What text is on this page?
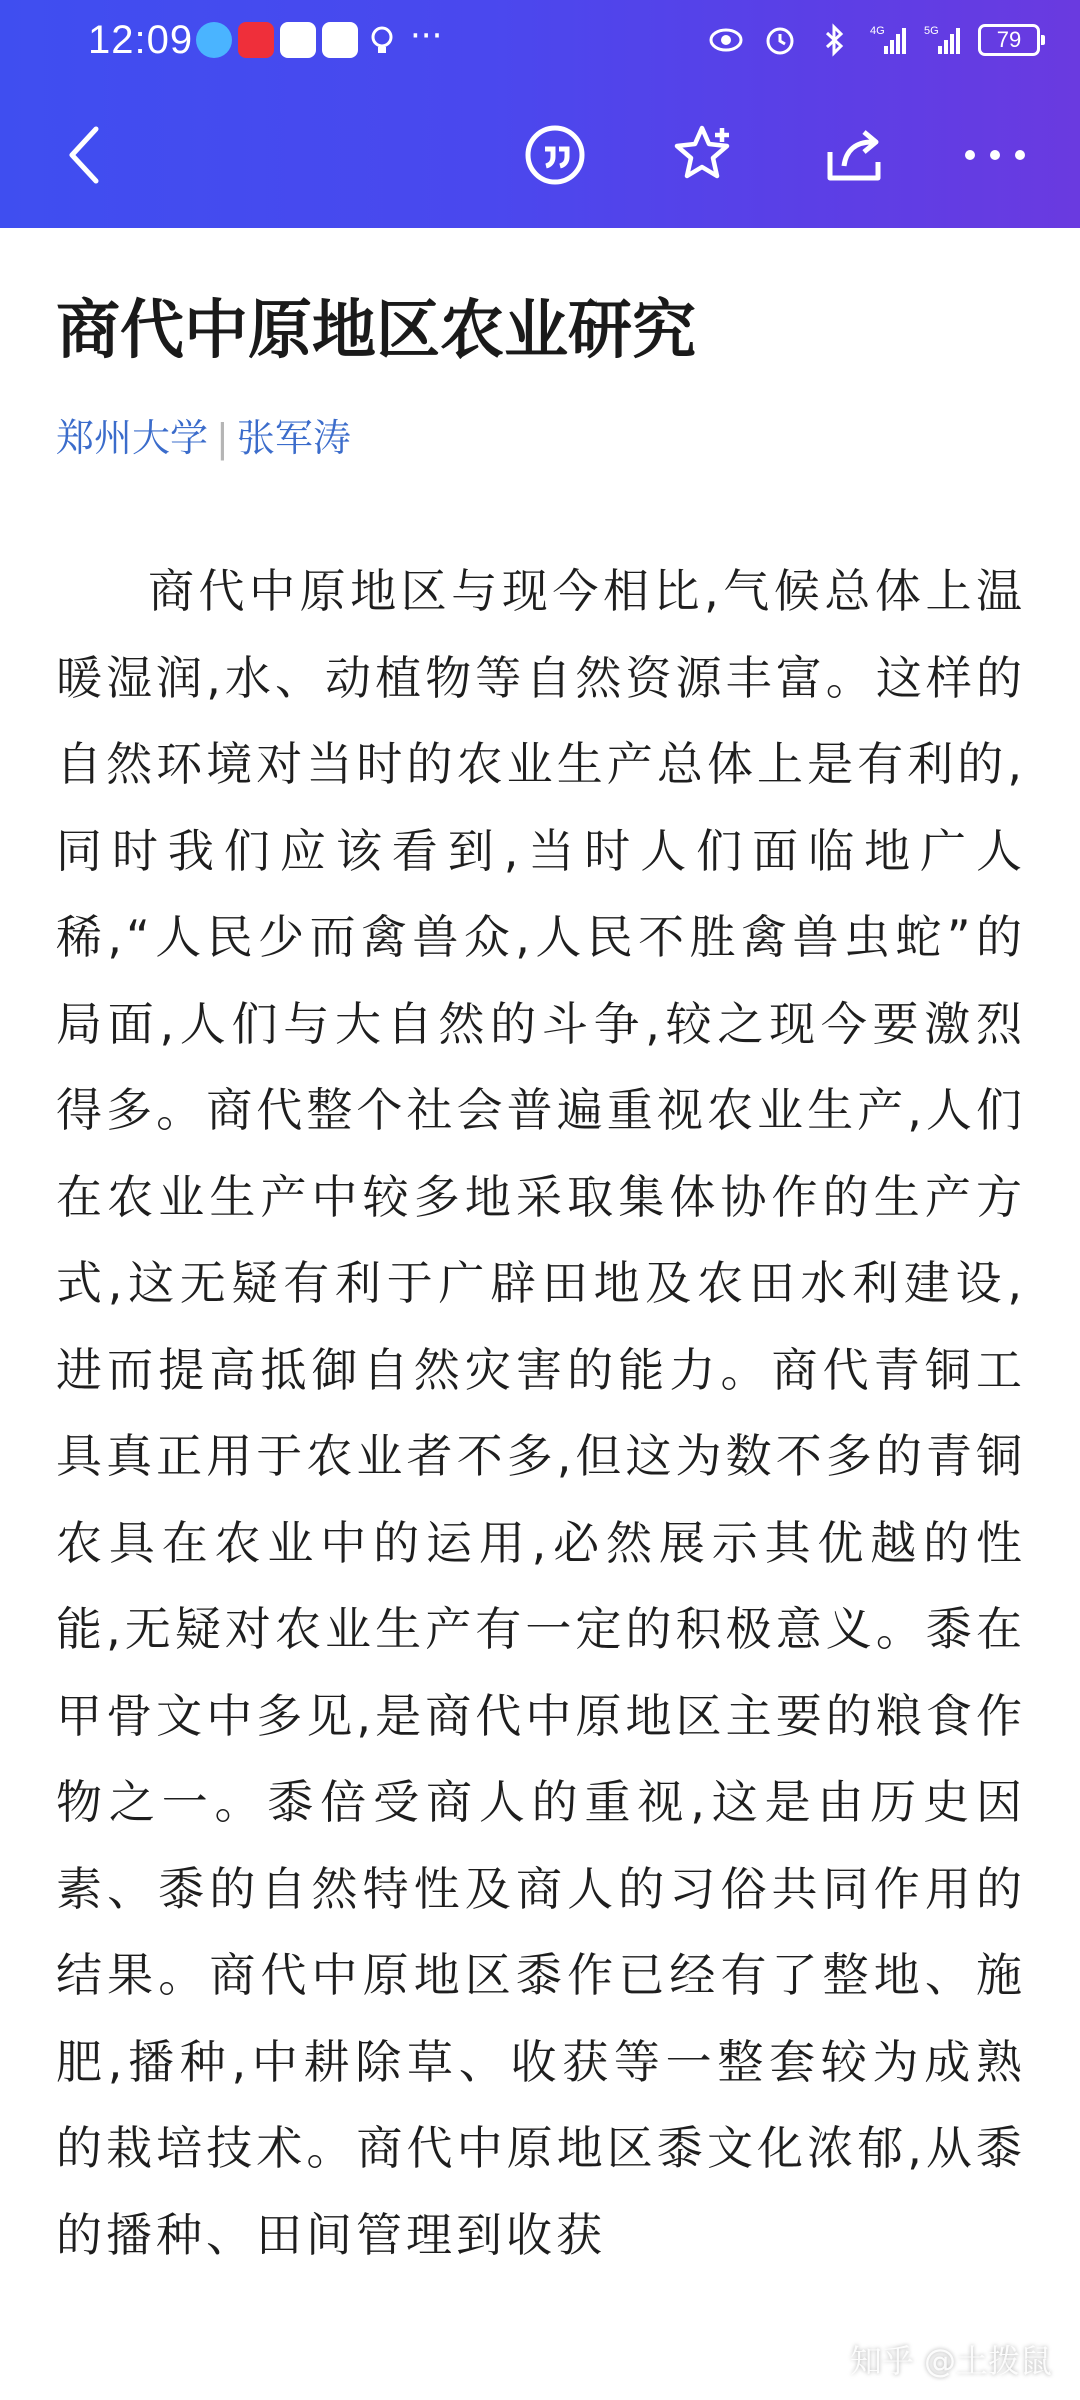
12:09	···	4G	5G	79
商代中原地区农业研究
郑州大学 | 张军涛

商代中原地区与现今相比,气候总体上温暖湿润,水、动植物等自然资源丰富。这样的自然环境对当时的农业生产总体上是有利的,同时我们应该看到,当时人们面临地广人稀,“人民少而禽兽众,人民不胜禽兽虫蛇”的局面,人们与大自然的斗争,较之现今要激烈得多。商代整个社会普遍重视农业生产,人们在农业生产中较多地采取集体协作的生产方式,这无疑有利于广辟田地及农田水利建设,进而提高抵御自然灾害的能力。商代青铜工具真正用于农业者不多,但这为数不多的青铜农具在农业中的运用,必然展示其优越的性能,无疑对农业生产有一定的积极意义。黍在甲骨文中多见,是商代中原地区主要的粮食作物之一。黍倍受商人的重视,这是由历史因素、黍的自然特性及商人的习俗共同作用的结果。商代中原地区黍作已经有了整地、施肥,播种,中耕除草、收获等一整套较为成熟的栽培技术。商代中原地区黍文化浓郁,从黍的播种、田间管理到收获

知乎 @土拨鼠
